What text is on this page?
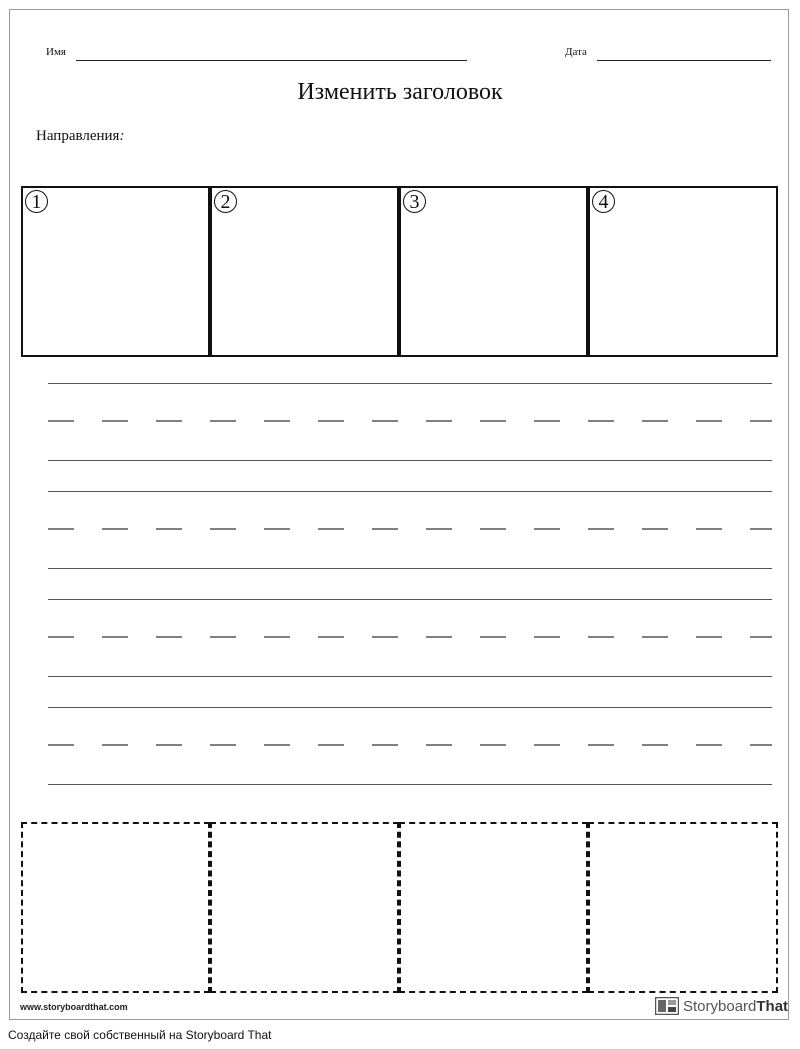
Имя	Дата
Изменить заголовок
Направления:
1	2	3	4
www.storyboardthat.com	StoryboardThat
Создайте свой собственный на Storyboard That
